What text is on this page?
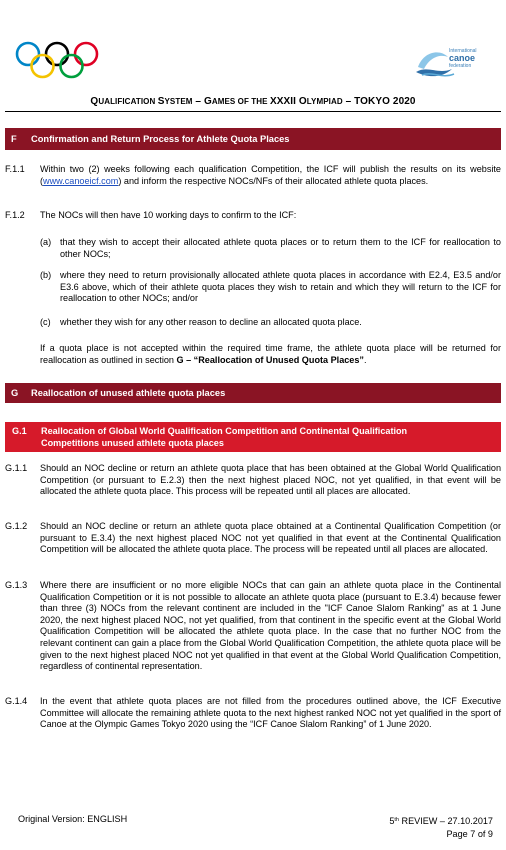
International
canoe
federation
QUALIFICATION SYSTEM – GAMES OF THE XXXII OLYMPIAD – TOKYO 2020
F Confirmation and Return Process for Athlete Quota Places
F.1.1 Within two (2) weeks following each qualification Competition, the ICF will publish the results on its website (www.canoeicf.com) and inform the respective NOCs/NFs of their allocated athlete quota places.
F.1.2 The NOCs will then have 10 working days to confirm to the ICF:
(a) that they wish to accept their allocated athlete quota places or to return them to the ICF for reallocation to other NOCs;
(b) where they need to return provisionally allocated athlete quota places in accordance with E2.4, E3.5 and/or E3.6 above, which of their athlete quota places they wish to retain and which they will return to the ICF for reallocation to other NOCs; and/or
(c) whether they wish for any other reason to decline an allocated quota place.
If a quota place is not accepted within the required time frame, the athlete quota place will be returned for reallocation as outlined in section G – “Reallocation of Unused Quota Places”.
G Reallocation of unused athlete quota places
G.1 Reallocation of Global World Qualification Competition and Continental Qualification Competitions unused athlete quota places
G.1.1 Should an NOC decline or return an athlete quota place that has been obtained at the Global World Qualification Competition (or pursuant to E.2.3) then the next highest placed NOC, not yet qualified, in that event will be allocated the athlete quota place. This process will be repeated until all places are allocated.
G.1.2 Should an NOC decline or return an athlete quota place obtained at a Continental Qualification Competition (or pursuant to E.3.4) the next highest placed NOC not yet qualified in that event at the Continental Qualification Competition will be allocated the athlete quota place. The process will be repeated until all places are allocated.
G.1.3 Where there are insufficient or no more eligible NOCs that can gain an athlete quota place in the Continental Qualification Competition or it is not possible to allocate an athlete quota place (pursuant to E.3.4) because fewer than three (3) NOCs from the relevant continent are included in the "ICF Canoe Slalom Ranking" as at 1 June 2020, the next highest placed NOC, not yet qualified, from that continent in the specific event at the Global World Qualification Competition will be allocated the athlete quota place. In the case that no further NOC from the relevant continent can gain a place from the Global World Qualification Competition, the athlete quota place will be given to the next highest placed NOC not yet qualified in that event at the Global World Qualification Competition, regardless of continental representation.
G.1.4 In the event that athlete quota places are not filled from the procedures outlined above, the ICF Executive Committee will allocate the remaining athlete quota to the next highest ranked NOC not yet qualified in the sport of Canoe at the Olympic Games Tokyo 2020 using the “ICF Canoe Slalom Ranking” of 1 June 2020.
Original Version: ENGLISH	5th REVIEW – 27.10.2017
Page 7 of 9
